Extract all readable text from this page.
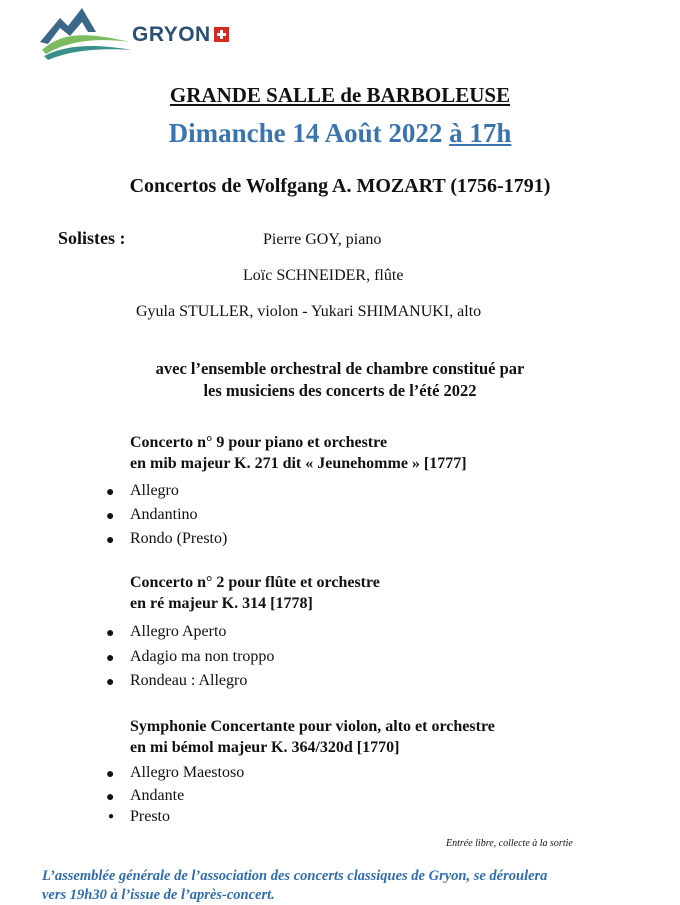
GRYON
GRANDE SALLE de BARBOLEUSE
Dimanche 14 Août 2022 à 17h
Concertos de Wolfgang A. MOZART (1756-1791)
Solistes :	Pierre GOY, piano
Loïc SCHNEIDER, flûte
Gyula STULLER, violon - Yukari SHIMANUKI, alto
avec l’ensemble orchestral de chambre constitué par
les musiciens des concerts de l’été 2022
Concerto n° 9 pour piano et orchestre
en mib majeur K. 271 dit « Jeunehomme » [1777]
● Allegro
● Andantino
● Rondo (Presto)
Concerto n° 2 pour flûte et orchestre
en ré majeur K. 314 [1778]
● Allegro Aperto
● Adagio ma non troppo
● Rondeau : Allegro
Symphonie Concertante pour violon, alto et orchestre
en mi bémol majeur K. 364/320d [1770]
● Allegro Maestoso
● Andante
● Presto
Entrée libre, collecte à la sortie
L’assemblée générale de l’association des concerts classiques de Gryon, se déroulera
vers 19h30 à l’issue de l’après-concert.
